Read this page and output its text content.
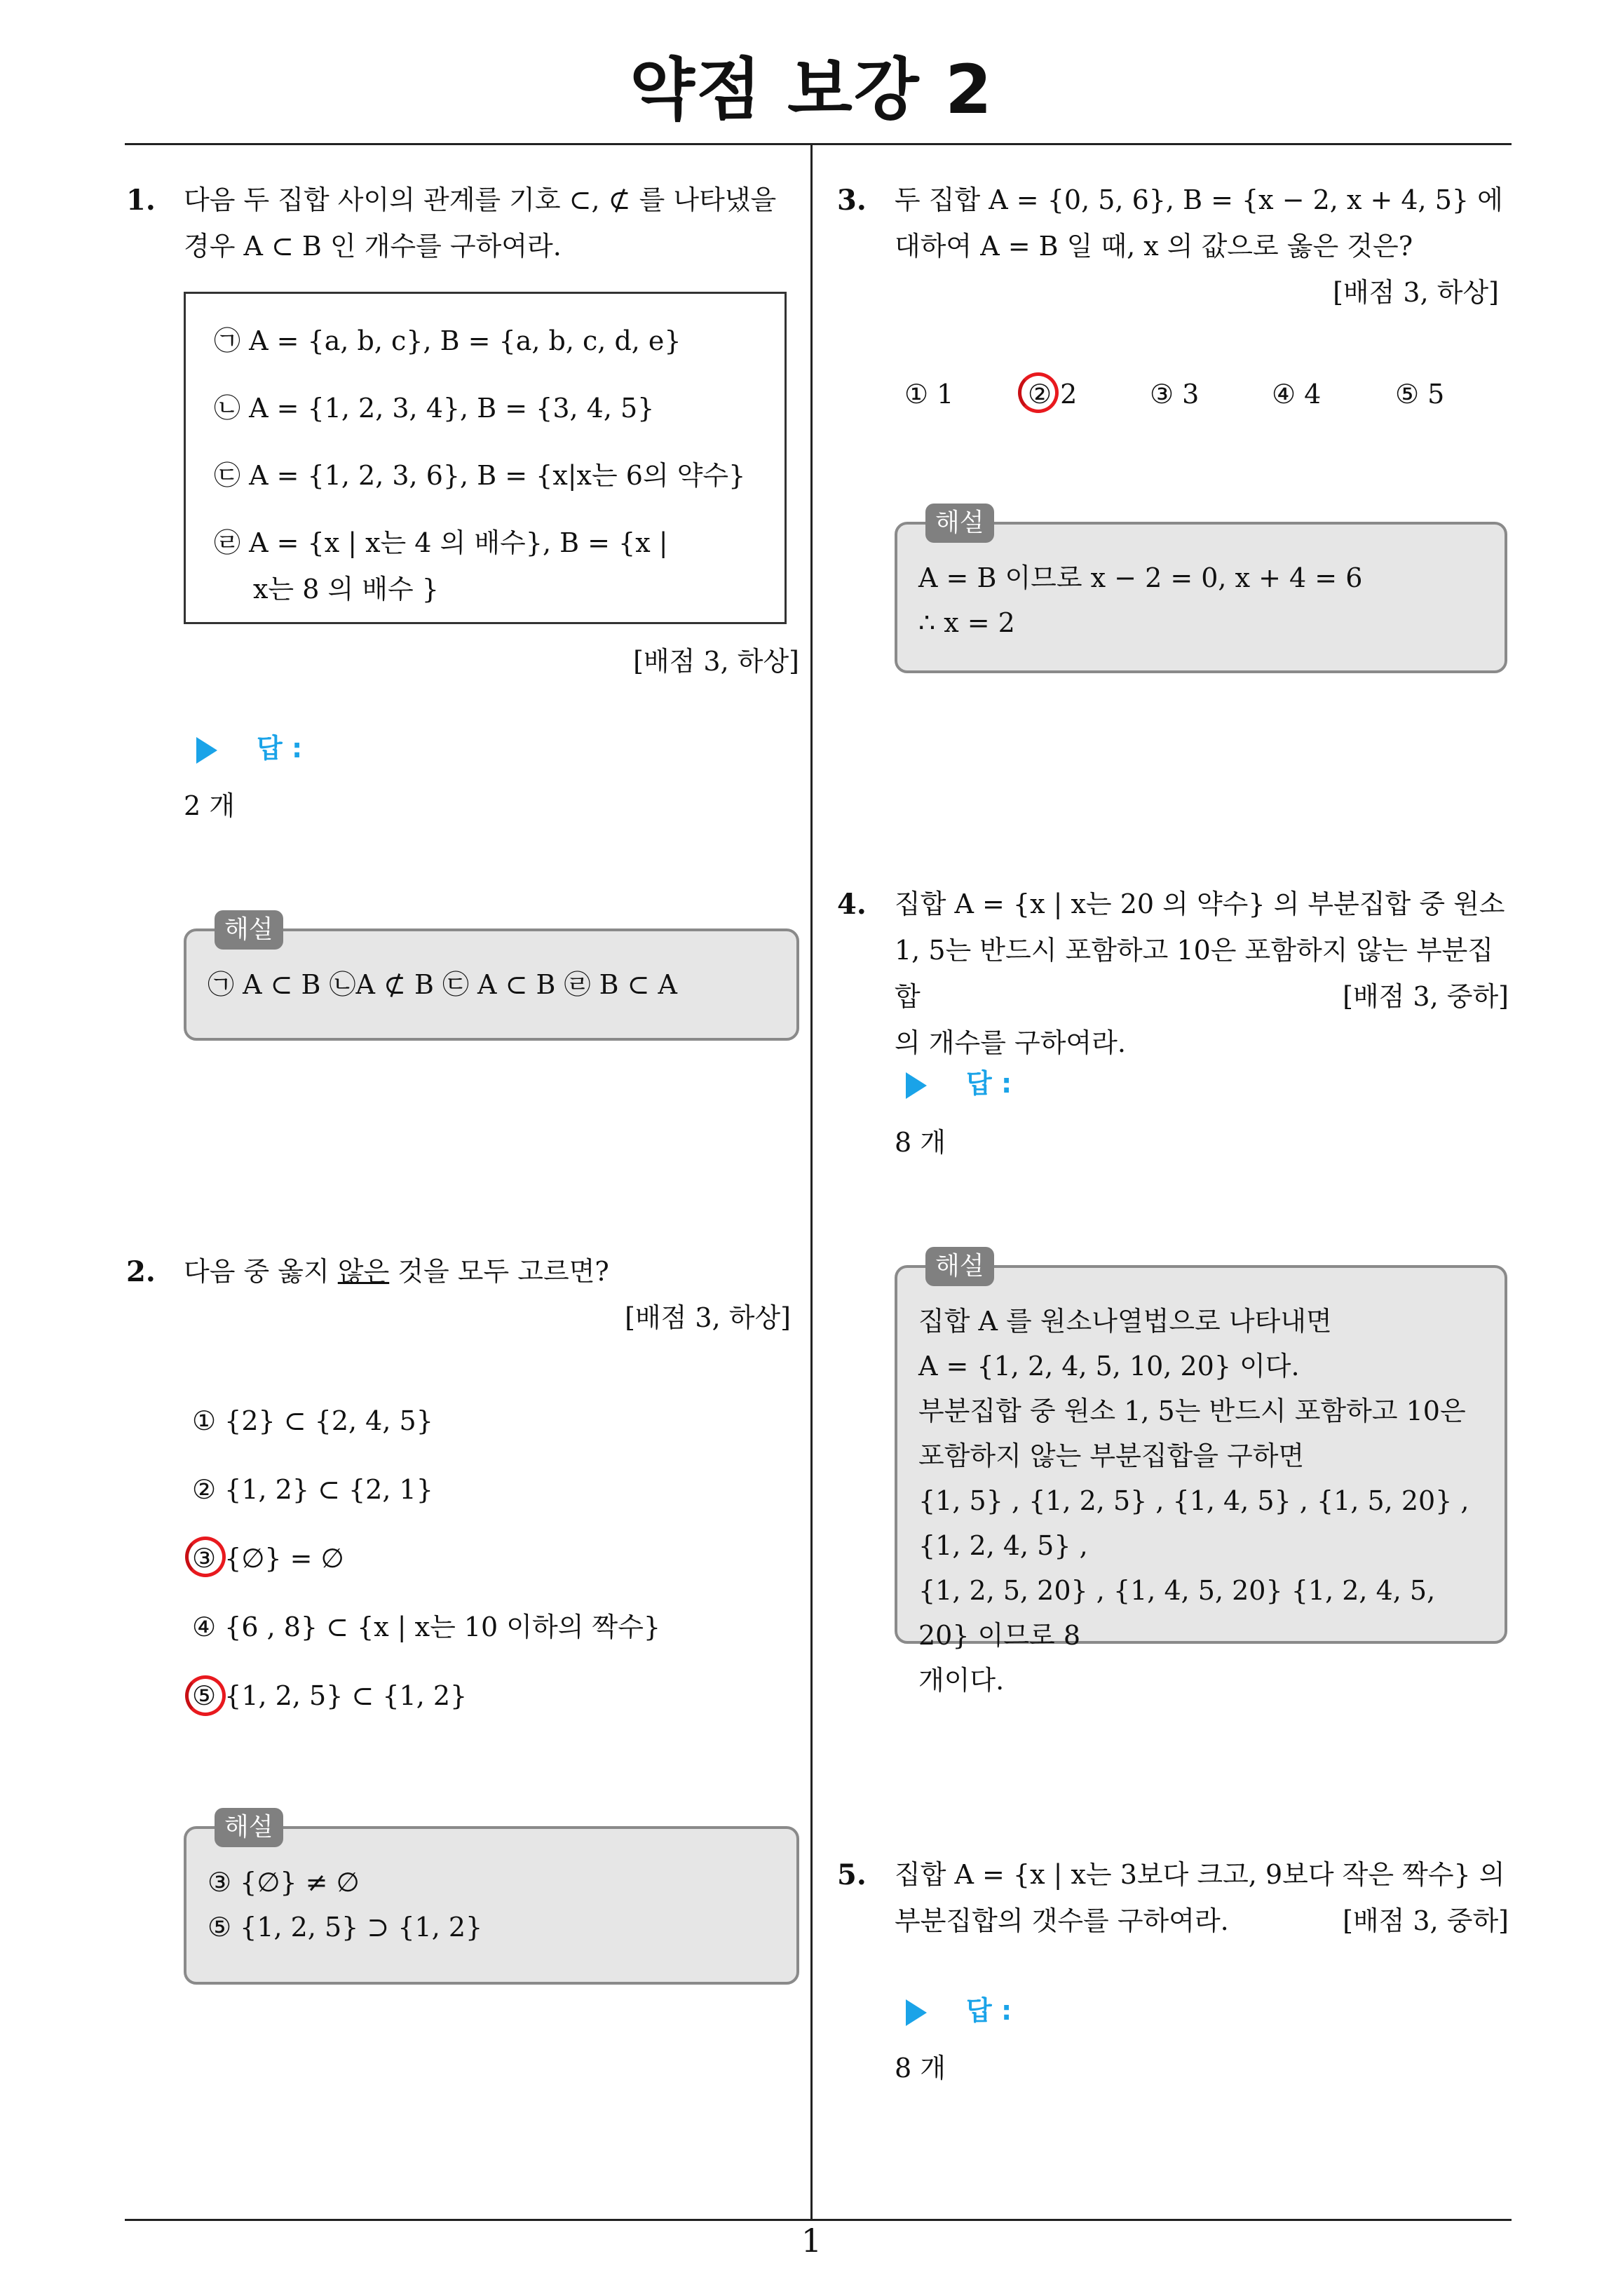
약점 보강 2
1
1. 다음 두 집합 사이의 관계를 기호 ⊂, ⊄ 를 나타냈을
경우 A ⊂ B 인 개수를 구하여라.
㉠ A = {a, b, c}, B = {a, b, c, d, e}
㉡ A = {1, 2, 3, 4}, B = {3, 4, 5}
㉢ A = {1, 2, 3, 6}, B = {x|x는 6의 약수}
㉣ A = {x | x는 4 의 배수}, B = {x |
x는 8 의 배수 }
[배점 3, 하상]
답 :
2 개
해설
㉠ A ⊂ B ㉡A ⊄ B ㉢ A ⊂ B ㉣ B ⊂ A
2. 다음 중 옳지 않은 것을 모두 고르면?
[배점 3, 하상]
① {2} ⊂ {2, 4, 5}
② {1, 2} ⊂ {2, 1}
③ {∅} = ∅
④ {6 , 8} ⊂ {x | x는 10 이하의 짝수}
⑤ {1, 2, 5} ⊂ {1, 2}
해설
③ {∅} ≠ ∅
⑤ {1, 2, 5} ⊃ {1, 2}
3. 두 집합 A = {0, 5, 6}, B = {x − 2, x + 4, 5} 에
대하여 A = B 일 때, x 의 값으로 옳은 것은?
[배점 3, 하상]
① 1	② 2	③ 3	④ 4	⑤ 5
해설
A = B 이므로 x − 2 = 0, x + 4 = 6
∴ x = 2
4. 집합 A = {x | x는 20 의 약수} 의 부분집합 중 원소
1, 5는 반드시 포함하고 10은 포함하지 않는 부분집합
의 개수를 구하여라.
[배점 3, 중하]
답 :
8 개
해설
집합 A 를 원소나열법으로 나타내면
A = {1, 2, 4, 5, 10, 20} 이다.
부분집합 중 원소 1, 5는 반드시 포함하고 10은
포함하지 않는 부분집합을 구하면
{1, 5} , {1, 2, 5} , {1, 4, 5} , {1, 5, 20} , {1, 2, 4, 5} ,
{1, 2, 5, 20} , {1, 4, 5, 20} {1, 2, 4, 5, 20} 이므로 8
개이다.
5. 집합 A = {x | x는 3보다 크고, 9보다 작은 짝수} 의
부분집합의 갯수를 구하여라.	[배점 3, 중하]
답 :
8 개
